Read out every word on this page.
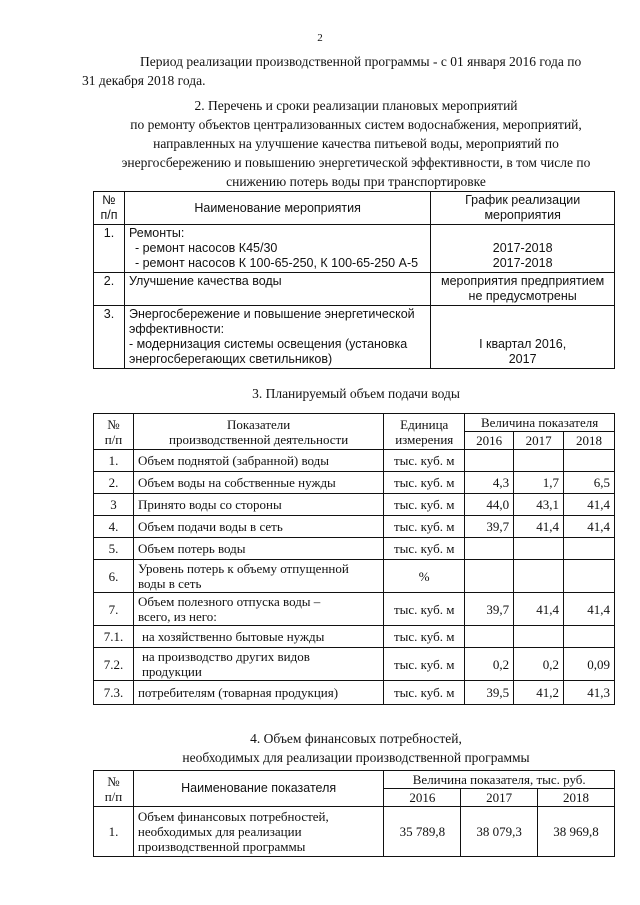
2
Период реализации производственной программы - с 01 января 2016 года по
31 декабря 2018 года.
2. Перечень и сроки реализации плановых мероприятий
по ремонту объектов централизованных систем водоснабжения, мероприятий,
направленных на улучшение качества питьевой воды, мероприятий по
энергосбережению и повышению энергетической эффективности, в том числе по
снижению потерь воды при транспортировке
№
п/п	Наименование мероприятия	График реализации
мероприятия

1.	Ремонты:
- ремонт насосов К45/30
- ремонт насосов К 100-65-250, К 100-65-250 А-5	2017-2018
2017-2018

2.	Улучшение качества воды	мероприятия предприятием
не предусмотрены

3.	Энергосбережение и повышение энергетической
эффективности:
- модернизация системы освещения (установка
энергосберегающих светильников)	I квартал 2016,
2017
3. Планируемый объем подачи воды
№
п/п	Показатели
производственной деятельности	Единица
измерения	Величина показателя		
			2016	2017	2018
1.	Объем поднятой (забранной) воды	тыс. куб. м			
2.	Объем воды на собственные нужды	тыс. куб. м	4,3	1,7	6,5
3	Принято воды со стороны	тыс. куб. м	44,0	43,1	41,4
4.	Объем подачи воды в сеть	тыс. куб. м	39,7	41,4	41,4
5.	Объем потерь воды	тыс. куб. м			
6.	Уровень потерь к объему отпущенной
воды в сеть	%			
7.	Объем полезного отпуска воды –
всего, из него:	тыс. куб. м	39,7	41,4	41,4
7.1.	на хозяйственно бытовые нужды	тыс. куб. м			
7.2.	на производство других видов
продукции	тыс. куб. м	0,2	0,2	0,09
7.3.	потребителям (товарная продукция)	тыс. куб. м	39,5	41,2	41,3
4. Объем финансовых потребностей,
необходимых для реализации производственной программы
№
п/п	Наименование показателя	Величина показателя, тыс. руб.		
		2016	2017	2018
1.	Объем финансовых потребностей,
необходимых для реализации
производственной программы	35 789,8	38 079,3	38 969,8
